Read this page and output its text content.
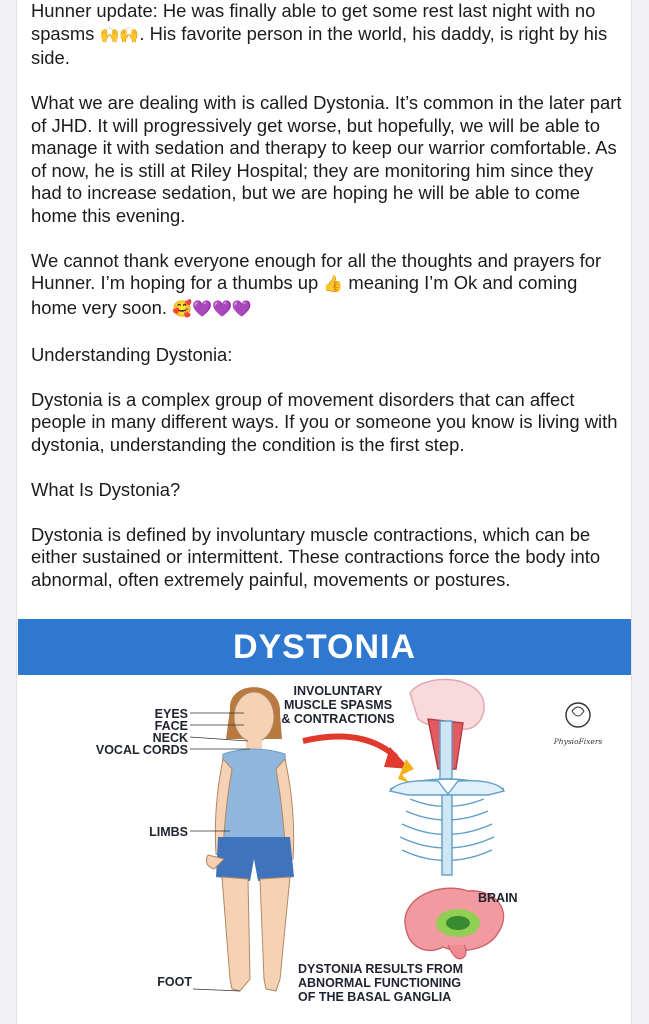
Hunner update: He was finally able to get some rest last night with no spasms 🙌🙌. His favorite person in the world, his daddy, is right by his side.

What we are dealing with is called Dystonia. It’s common in the later part of JHD. It will progressively get worse, but hopefully, we will be able to manage it with sedation and therapy to keep our warrior comfortable. As of now, he is still at Riley Hospital; they are monitoring him since they had to increase sedation, but we are hoping he will be able to come home this evening.

We cannot thank everyone enough for all the thoughts and prayers for Hunner. I’m hoping for a thumbs up 👍 meaning I’m Ok and coming home very soon. 🥰💜💜💜

Understanding Dystonia:

Dystonia is a complex group of movement disorders that can affect people in many different ways. If you or someone you know is living with dystonia, understanding the condition is the first step.

What Is Dystonia?

Dystonia is defined by involuntary muscle contractions, which can be either sustained or intermittent. These contractions force the body into abnormal, often extremely painful, movements or postures.

DYSTONIA
EYES
FACE
NECK
VOCAL CORDS
LIMBS
FOOT
INVOLUNTARY
MUSCLE SPASMS
& CONTRACTIONS
BRAIN
DYSTONIA RESULTS FROM
ABNORMAL FUNCTIONING
OF THE BASAL GANGLIA
PhysioFixers
